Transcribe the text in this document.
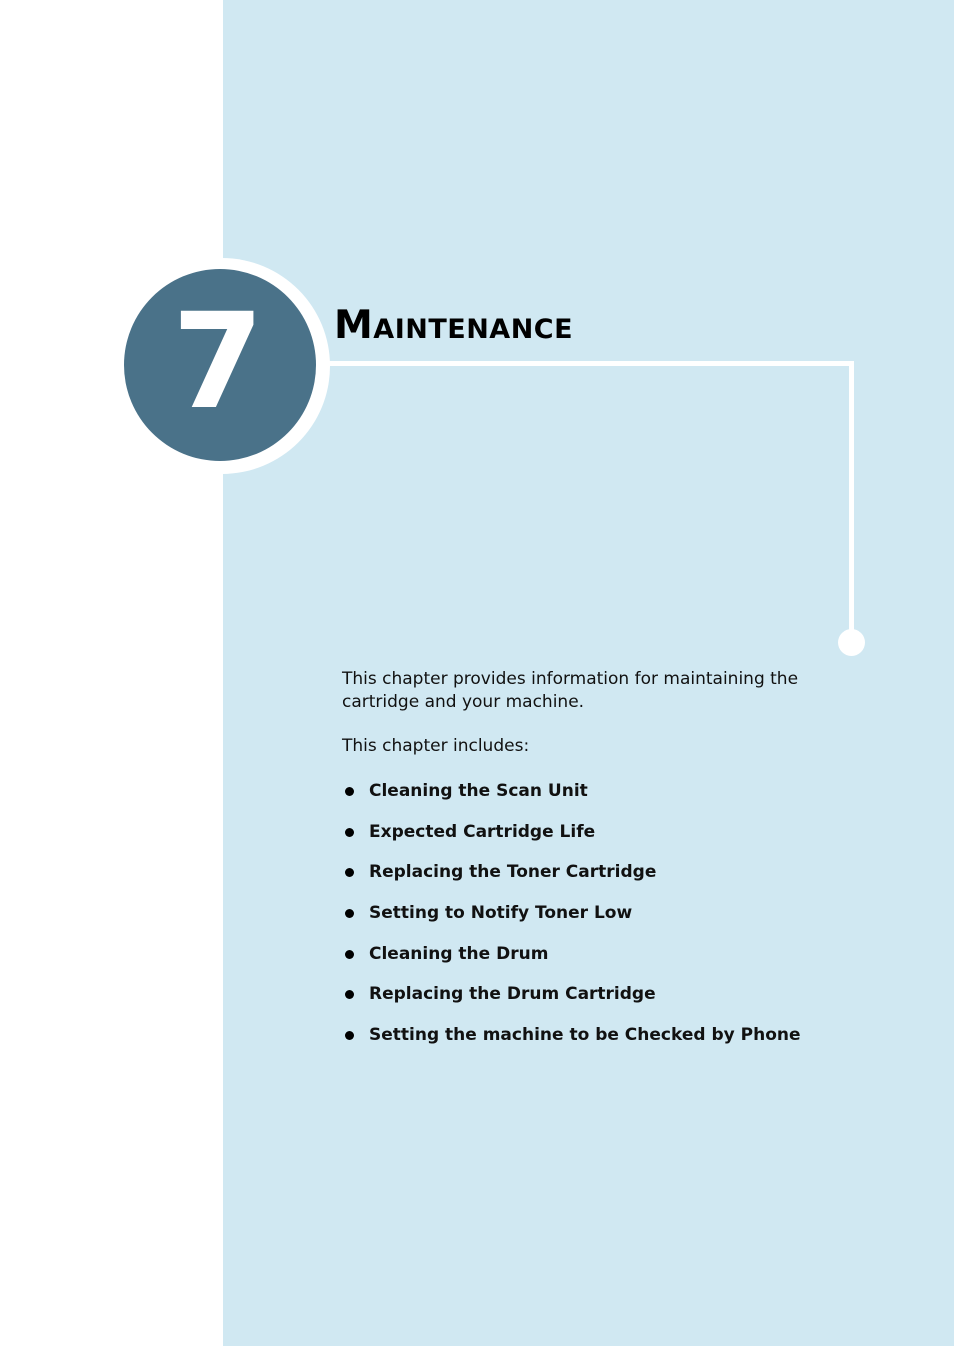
7 Maintenance

This chapter provides information for maintaining the cartridge and your machine.

This chapter includes:

Cleaning the Scan Unit
Expected Cartridge Life
Replacing the Toner Cartridge
Setting to Notify Toner Low
Cleaning the Drum
Replacing the Drum Cartridge
Setting the machine to be Checked by Phone
